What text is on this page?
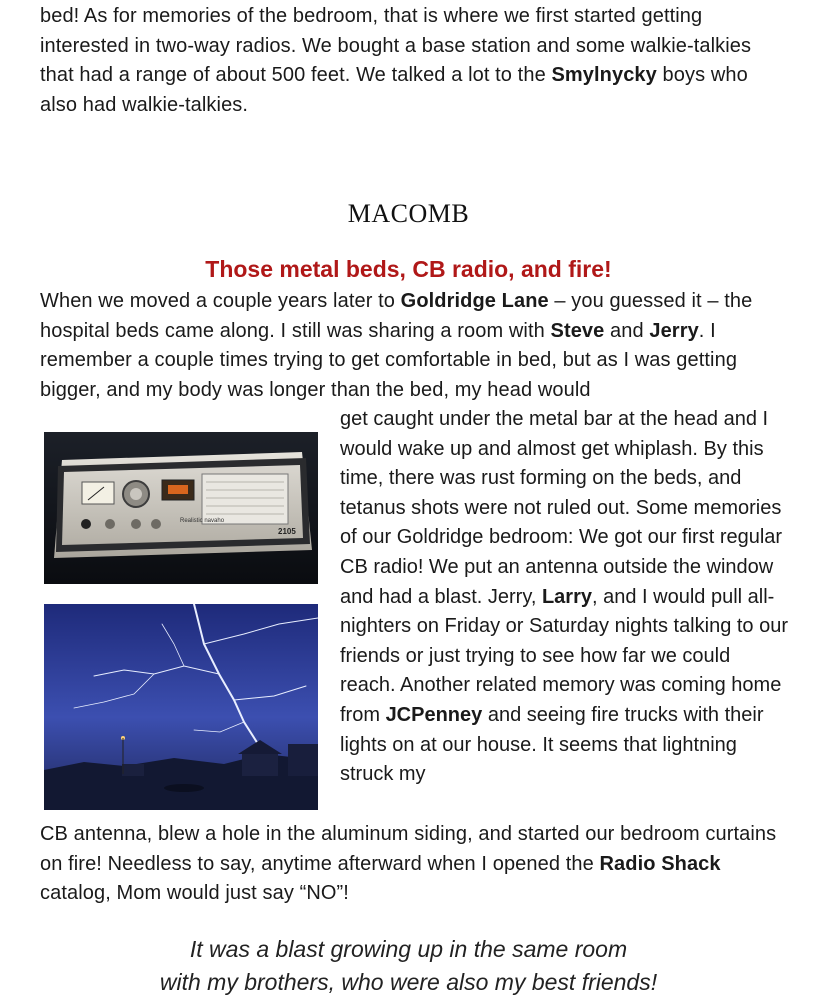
bed! As for memories of the bedroom, that is where we first started getting interested in two-way radios. We bought a base station and some walkie-talkies that had a range of about 500 feet. We talked a lot to the Smylnycky boys who also had walkie-talkies.
MACOMB
Those metal beds, CB radio, and fire!
When we moved a couple years later to Goldridge Lane – you guessed it – the hospital beds came along. I still was sharing a room with Steve and Jerry. I remember a couple times trying to get comfortable in bed, but as I was getting bigger, and my body was longer than the bed, my head would
Realistic navaho
2105
get caught under the metal bar at the head and I would wake up and almost get whiplash. By this time, there was rust forming on the beds, and tetanus shots were not ruled out. Some memories of our Goldridge bedroom: We got our first regular CB radio! We put an antenna outside the window and had a blast. Jerry, Larry, and I would pull all-nighters on Friday or Saturday nights talking to our friends or just trying to see how far we could reach. Another related memory was coming home from JCPenney and seeing fire trucks with their lights on at our house. It seems that lightning struck my
CB antenna, blew a hole in the aluminum siding, and started our bedroom curtains on fire! Needless to say, anytime afterward when I opened the Radio Shack catalog, Mom would just say “NO”!
It was a blast growing up in the same room
with my brothers, who were also my best friends!
